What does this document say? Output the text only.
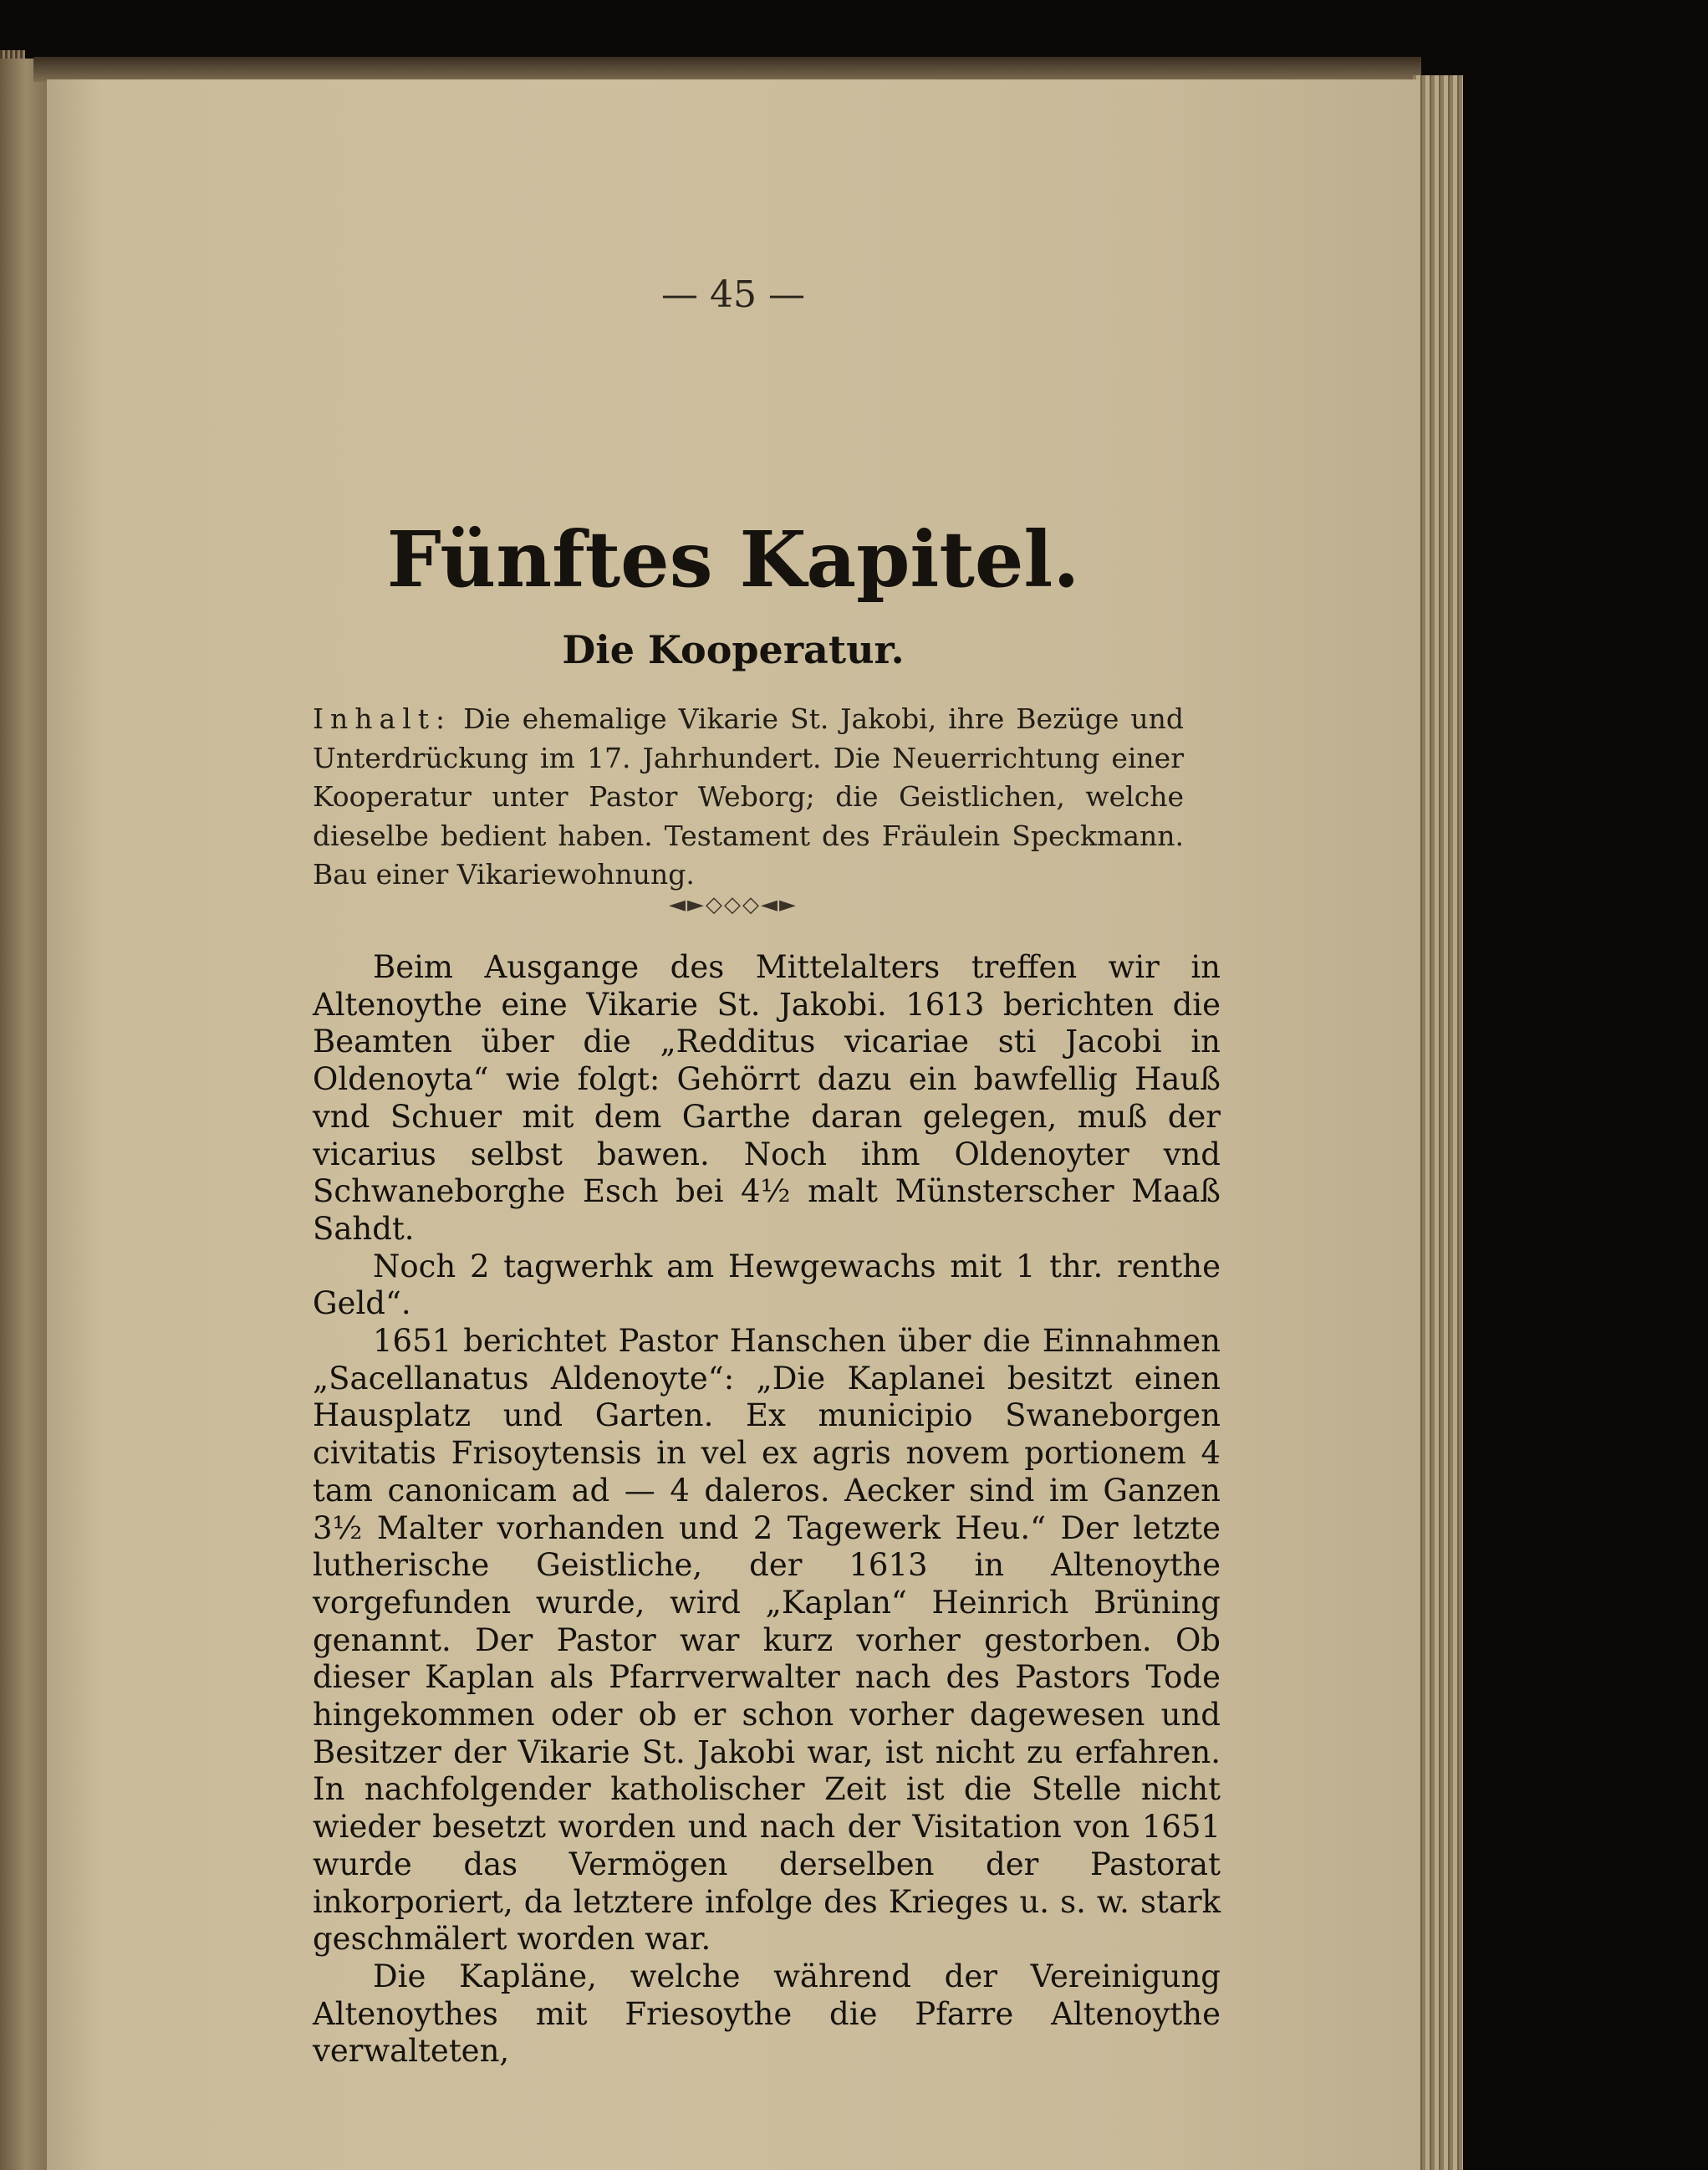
— 45 —
Fünftes Kapitel.
Die Kooperatur.
Inhalt: Die ehemalige Vikarie St. Jakobi, ihre Bezüge und Unterdrückung im 17. Jahrhundert. Die Neuerrichtung einer Kooperatur unter Pastor Weborg; die Geistlichen, welche dieselbe bedient haben. Testament des Fräulein Speckmann. Bau einer Vikariewohnung.
◄►◇◇◇◄►

Beim Ausgange des Mittelalters treffen wir in Altenoythe eine Vikarie St. Jakobi. 1613 berichten die Beamten über die „Redditus vicariae sti Jacobi in Oldenoyta“ wie folgt: Gehörrt dazu ein bawfellig Hauß vnd Schuer mit dem Garthe daran gelegen, muß der vicarius selbst bawen. Noch ihm Oldenoyter vnd Schwaneborghe Esch bei 4½ malt Münsterscher Maaß Sahdt.

Noch 2 tagwerhk am Hewgewachs mit 1 thr. renthe Geld“.

1651 berichtet Pastor Hanschen über die Einnahmen „Sacellanatus Aldenoyte“: „Die Kaplanei besitzt einen Hausplatz und Garten. Ex municipio Swaneborgen civitatis Frisoytensis in vel ex agris novem portionem 4 tam canonicam ad — 4 daleros. Aecker sind im Ganzen 3½ Malter vorhanden und 2 Tagewerk Heu.“ Der letzte lutherische Geistliche, der 1613 in Altenoythe vorgefunden wurde, wird „Kaplan“ Heinrich Brüning genannt. Der Pastor war kurz vorher gestorben. Ob dieser Kaplan als Pfarrverwalter nach des Pastors Tode hingekommen oder ob er schon vorher dagewesen und Besitzer der Vikarie St. Jakobi war, ist nicht zu erfahren. In nachfolgender katholischer Zeit ist die Stelle nicht wieder besetzt worden und nach der Visitation von 1651 wurde das Vermögen derselben der Pastorat inkorporiert, da letztere infolge des Krieges u. s. w. stark geschmälert worden war.

Die Kapläne, welche während der Vereinigung Altenoythes mit Friesoythe die Pfarre Altenoythe verwalteten,
